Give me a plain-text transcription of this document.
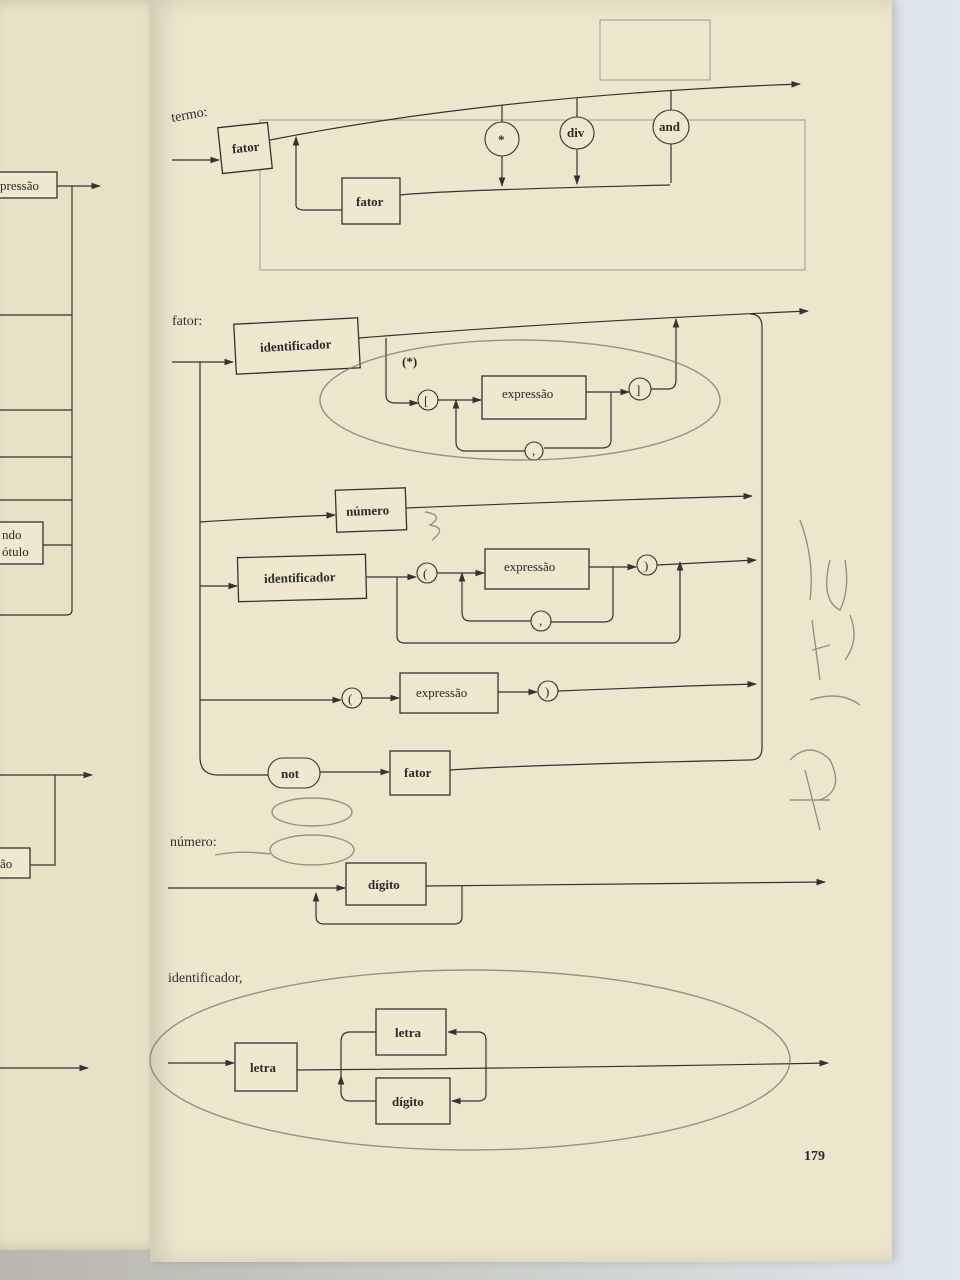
pressão
ndo
ótulo
ão
termo:
fator
fator
*	div	and
fator:
identificador
(*)
[	expressão	]
,
número
identificador	(	expressão	)
,
(	expressão	)
not	fator
número:
dígito
identificador,
letra
letra
dígito
179
